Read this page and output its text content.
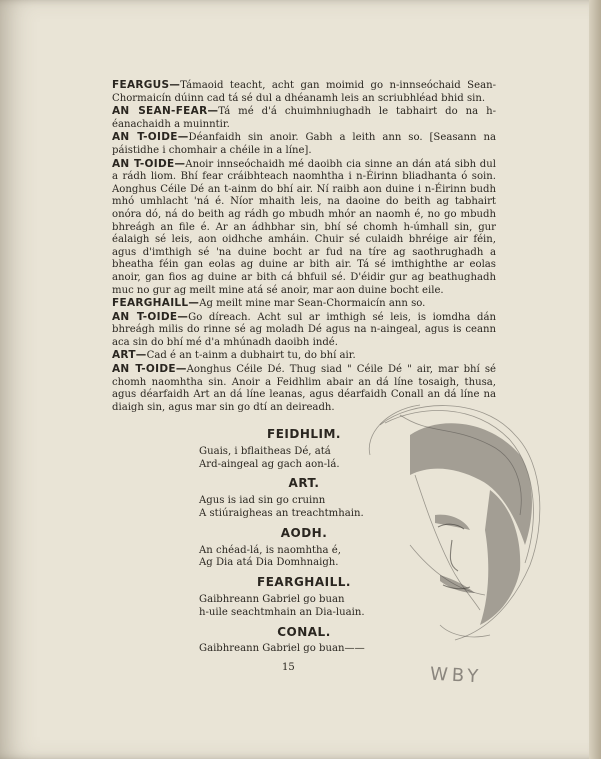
FEARGUS—Támaoid teacht, acht gan moimid go n-innseóchaid Sean-Chormaicín dúinn cad tá sé dul a dhéanamh leis an scriubhléad bhid sin.

AN SEAN-FEAR—Tá mé d'á chuimhniughadh le tabhairt do na h-éanachaidh a muinntir.

AN T-OIDE—Déanfaidh sin anoir. Gabh a leith ann so. [Seasann na páistidhe i chomhair a chéile in a líne].

AN T-OIDE—Anoir innseóchaidh mé daoibh cia sinne an dán atá sibh dul a rádh liom. Bhí fear cráibhteach naomhtha i n-Éirinn bliadhanta ó soin. Aonghus Céile Dé an t-ainm do bhí air. Ní raibh aon duine i n-Éirinn budh mhó umhlacht 'ná é. Níor mhaith leis, na daoine do beith ag tabhairt onóra dó, ná do beith ag rádh go mbudh mhór an naomh é, no go mbudh bhreágh an file é. Ar an ádhbhar sin, bhí sé chomh h-úmhall sin, gur éalaigh sé leis, aon oidhche amháin. Chuir sé culaidh bhréige air féin, agus d'imthigh sé 'na duine bocht ar fud na tíre ag saothrughadh a bheatha féin gan eolas ag duine ar bith air. Tá sé imthighthe ar eolas anoir, gan fios ag duine ar bith cá bhfuil sé. D'éidir gur ag beathughadh muc no gur ag meilt mine atá sé anoir, mar aon duine bocht eile.

FEARGHAILL—Ag meilt mine mar Sean-Chormaicín ann so.

AN T-OIDE—Go díreach. Acht sul ar imthigh sé leis, is iomdha dán bhreágh milis do rinne sé ag moladh Dé agus na n-aingeal, agus is ceann aca sin do bhí mé d'a mhúnadh daoibh indé.

ART—Cad é an t-ainm a dubhairt tu, do bhí air.

AN T-OIDE—Aonghus Céile Dé. Thug siad " Céile Dé " air, mar bhí sé chomh naomhtha sin. Anoir a Feidhlim abair an dá líne tosaigh, thusa, agus déarfaidh Art an dá líne leanas, agus déarfaidh Conall an dá líne na diaigh sin, agus mar sin go dtí an deireadh.

FEIDHLIM.

Guais, i bflaitheas Dé, atá

Ard-aingeal ag gach aon-lá.

ART.

Agus is iad sin go cruinn

A stiúraigheas an treachtmhain.

AODH.

An chéad-lá, is naomhtha é,

Ag Dia atá Dia Domhnaigh.

FEARGHAILL.

Gaibhreann Gabriel go buan

h-uile seachtmhain an Dia-luain.

CONAL.

Gaibhreann Gabriel go buan——

15	WBY
